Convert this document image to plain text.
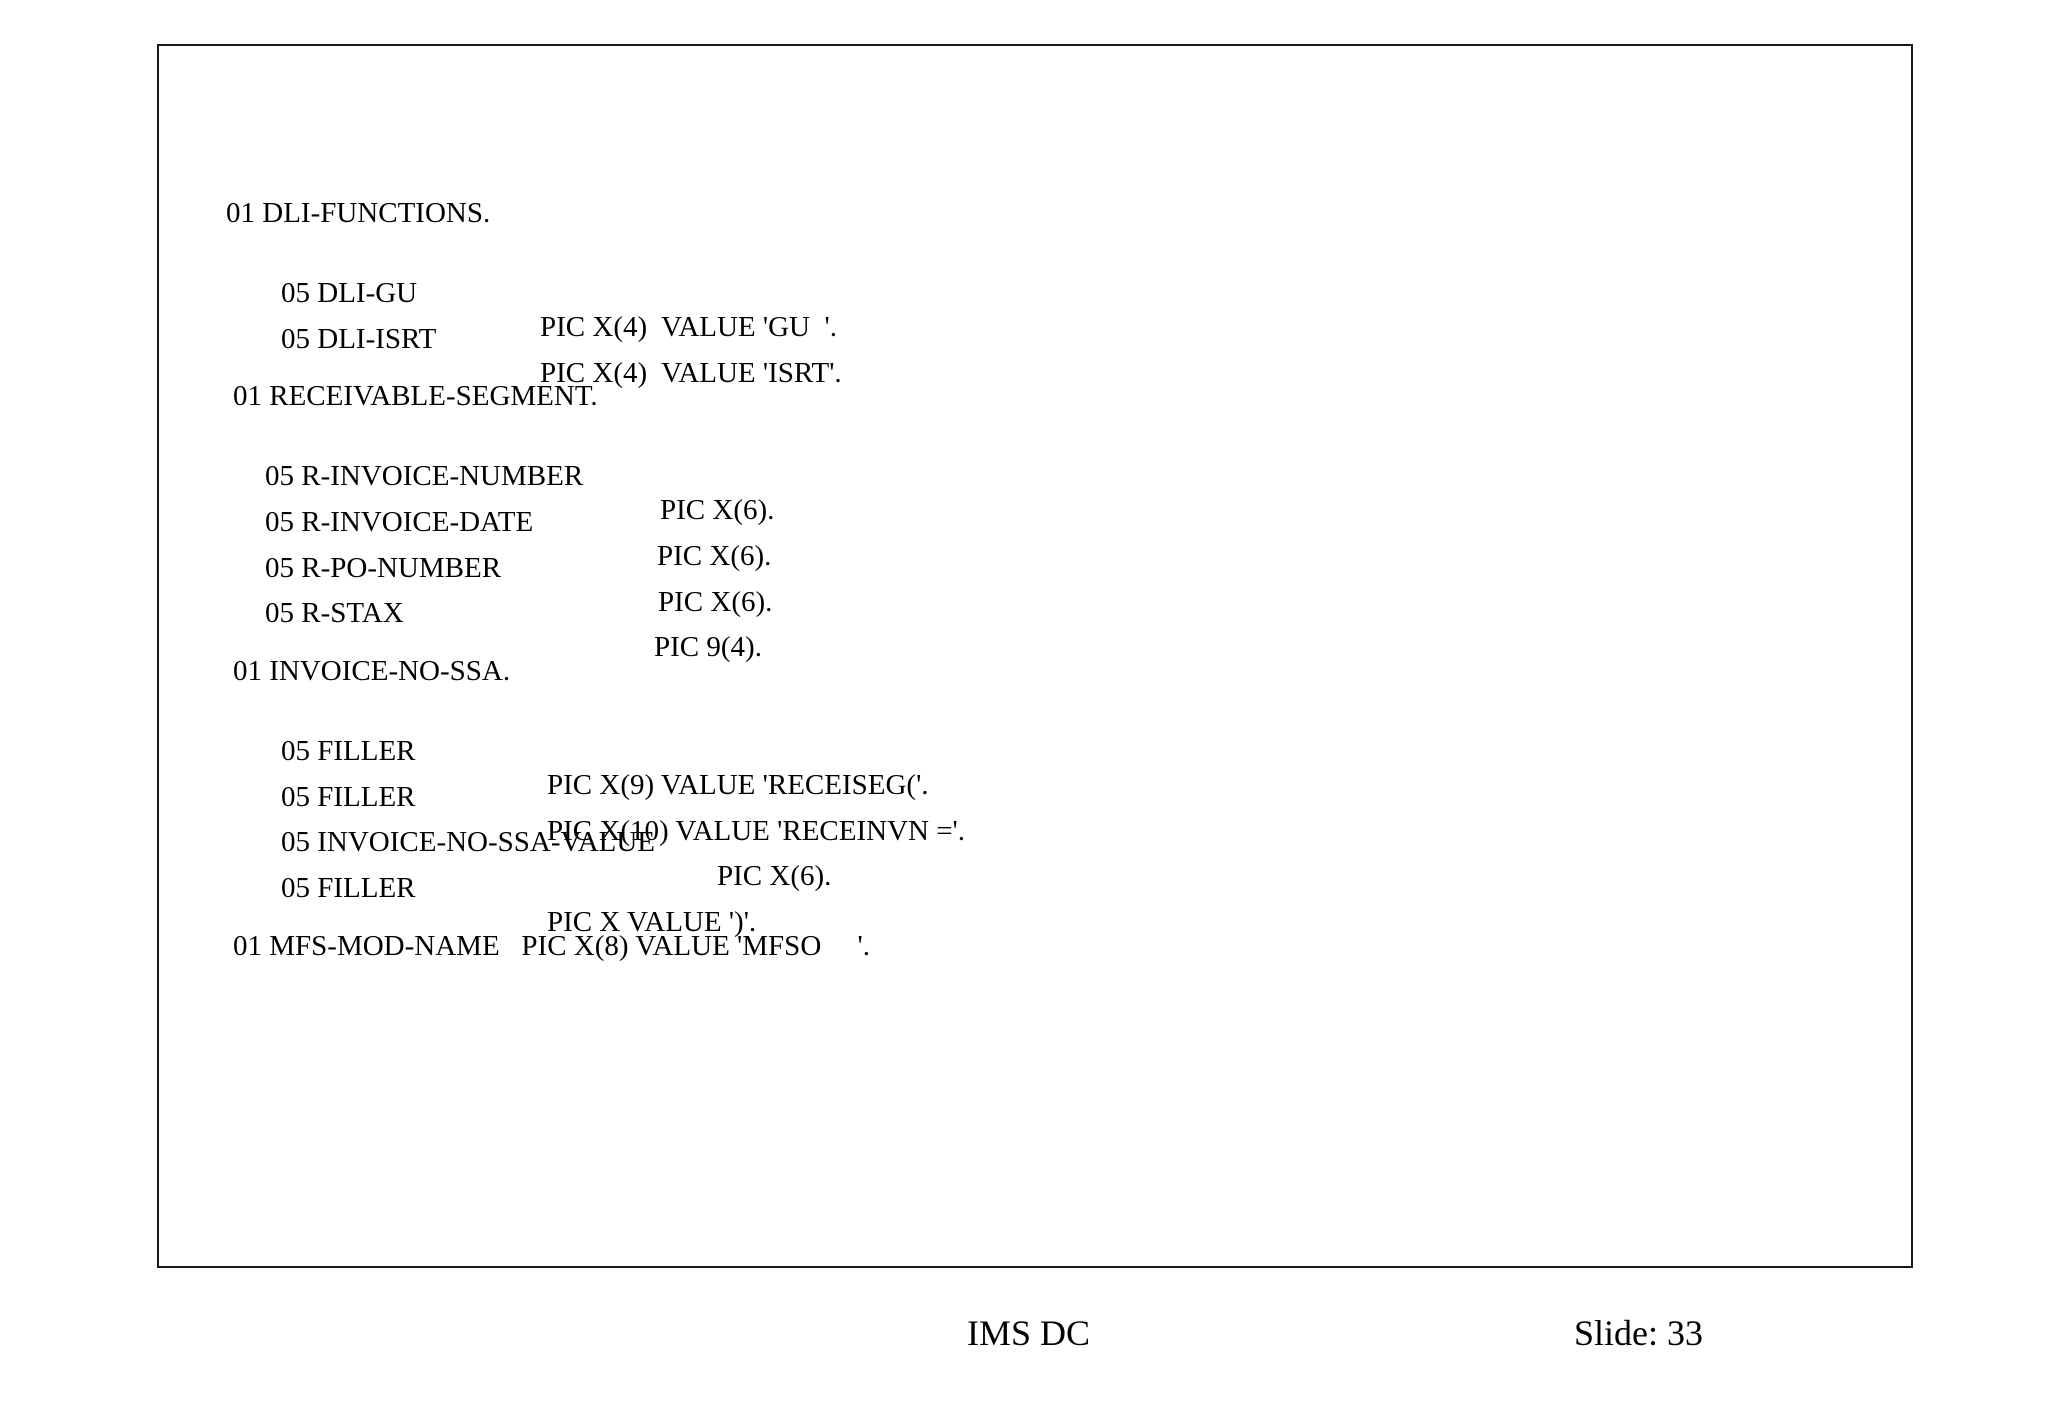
01 DLI-FUNCTIONS.

05 DLI-GU

PIC X(4)  VALUE 'GU  '.

05 DLI-ISRT

PIC X(4)  VALUE 'ISRT'.

01 RECEIVABLE-SEGMENT.

05 R-INVOICE-NUMBER

PIC X(6).

05 R-INVOICE-DATE

PIC X(6).

05 R-PO-NUMBER

PIC X(6).

05 R-STAX

PIC 9(4).

01 INVOICE-NO-SSA.

05 FILLER

PIC X(9) VALUE 'RECEISEG('.

05 FILLER

PIC X(10) VALUE 'RECEINVN ='.

05 INVOICE-NO-SSA-VALUE

PIC X(6).

05 FILLER

PIC X VALUE ')'.

01 MFS-MOD-NAME   PIC X(8) VALUE 'MFSO     '.
IMS DC	Slide: 33
